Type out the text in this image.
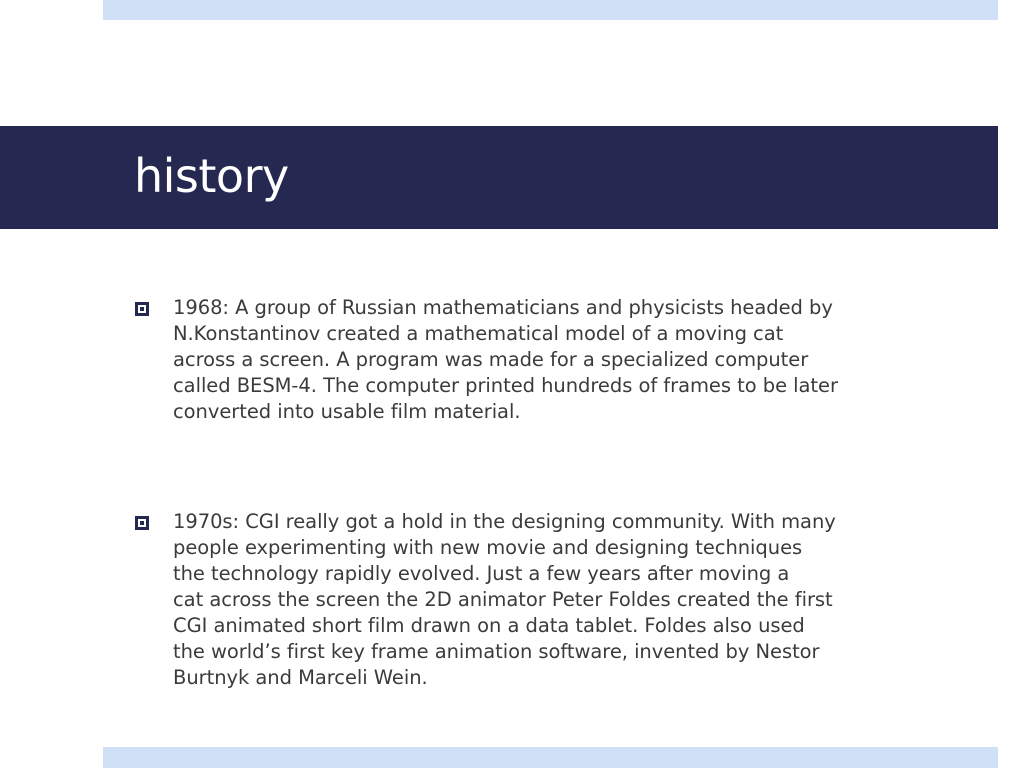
history

1968: A group of Russian mathematicians and physicists headed by
N.Konstantinov created a mathematical model of a moving cat
across a screen. A program was made for a specialized computer
called BESM-4. The computer printed hundreds of frames to be later
converted into usable film material.

1970s: CGI really got a hold in the designing community. With many
people experimenting with new movie and designing techniques
the technology rapidly evolved. Just a few years after moving a
cat across the screen the 2D animator Peter Foldes created the first
CGI animated short film drawn on a data tablet. Foldes also used
the world’s first key frame animation software, invented by Nestor
Burtnyk and Marceli Wein.
